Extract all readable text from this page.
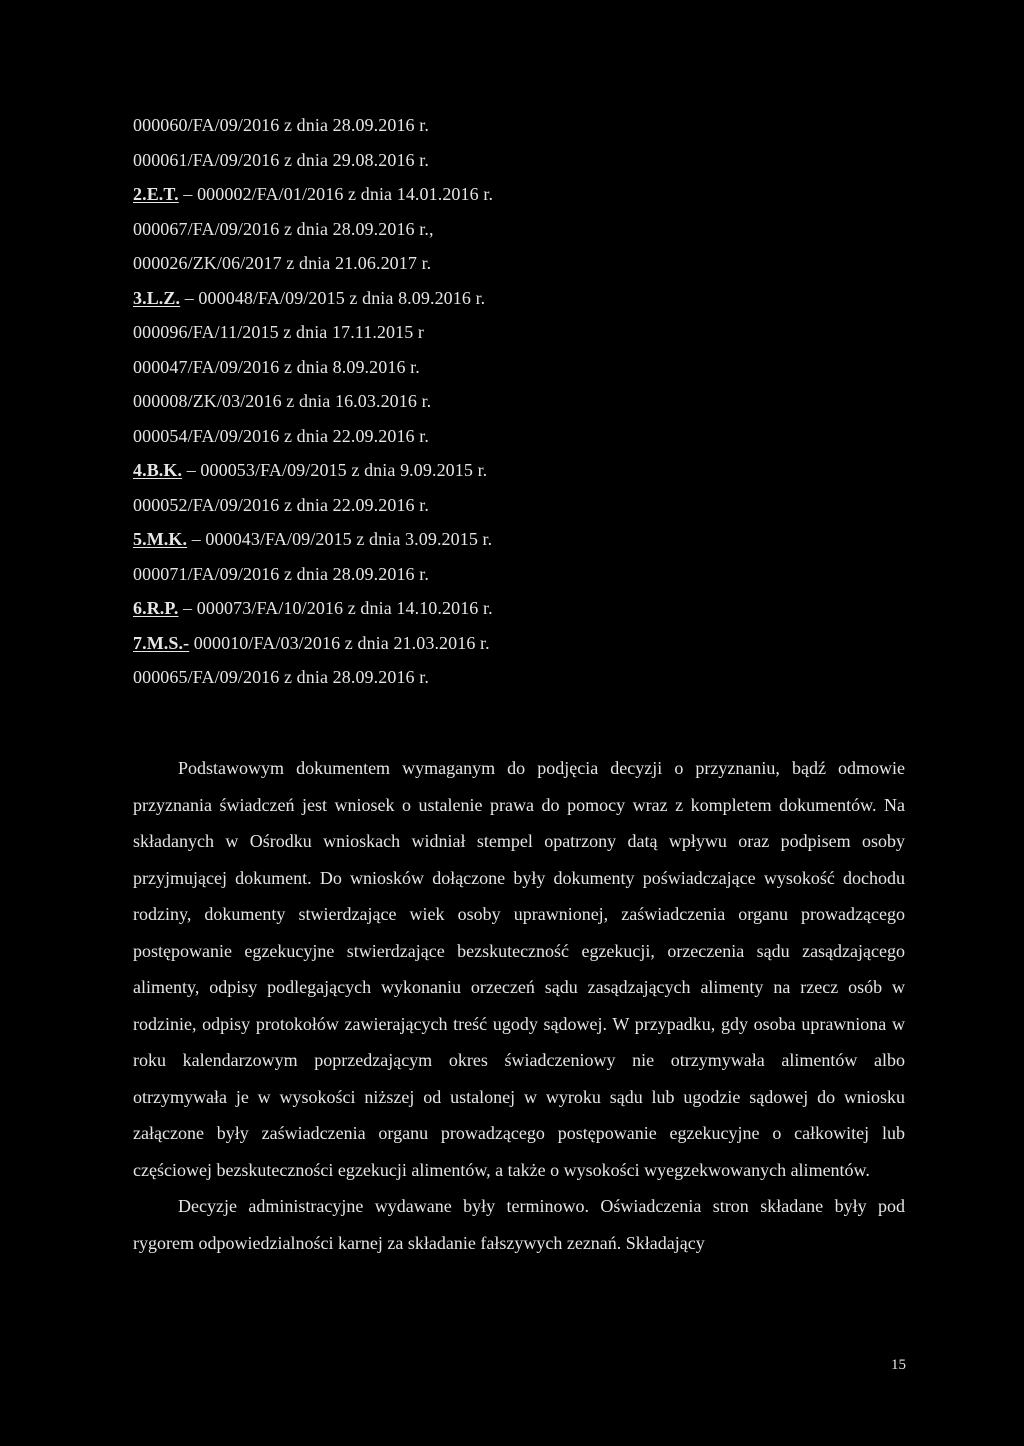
000060/FA/09/2016 z dnia 28.09.2016 r.
000061/FA/09/2016 z dnia 29.08.2016 r.
2.E.T. – 000002/FA/01/2016 z dnia 14.01.2016 r.
000067/FA/09/2016 z dnia 28.09.2016 r.,
000026/ZK/06/2017 z dnia 21.06.2017 r.
3.L.Z. – 000048/FA/09/2015 z dnia 8.09.2016 r.
000096/FA/11/2015 z dnia 17.11.2015 r
000047/FA/09/2016 z dnia 8.09.2016 r.
000008/ZK/03/2016 z dnia 16.03.2016 r.
000054/FA/09/2016 z dnia 22.09.2016 r.
4.B.K. – 000053/FA/09/2015 z dnia 9.09.2015 r.
000052/FA/09/2016 z dnia 22.09.2016 r.
5.M.K. – 000043/FA/09/2015 z dnia 3.09.2015 r.
000071/FA/09/2016 z dnia 28.09.2016 r.
6.R.P. – 000073/FA/10/2016 z dnia 14.10.2016 r.
7.M.S.- 000010/FA/03/2016 z dnia 21.03.2016 r.
000065/FA/09/2016 z dnia 28.09.2016 r.

Podstawowym dokumentem wymaganym do podjęcia decyzji o przyznaniu, bądź odmowie przyznania świadczeń jest wniosek o ustalenie prawa do pomocy wraz z kompletem dokumentów. Na składanych w Ośrodku wnioskach widniał stempel opatrzony datą wpływu oraz podpisem osoby przyjmującej dokument. Do wniosków dołączone były dokumenty poświadczające wysokość dochodu rodziny, dokumenty stwierdzające wiek osoby uprawnionej, zaświadczenia organu prowadzącego postępowanie egzekucyjne stwierdzające bezskuteczność egzekucji, orzeczenia sądu zasądzającego alimenty, odpisy podlegających wykonaniu orzeczeń sądu zasądzających alimenty na rzecz osób w rodzinie, odpisy protokołów zawierających treść ugody sądowej. W przypadku, gdy osoba uprawniona w roku kalendarzowym poprzedzającym okres świadczeniowy nie otrzymywała alimentów albo otrzymywała je w wysokości niższej od ustalonej w wyroku sądu lub ugodzie sądowej do wniosku załączone były zaświadczenia organu prowadzącego postępowanie egzekucyjne o całkowitej lub częściowej bezskuteczności egzekucji alimentów, a także o wysokości wyegzekwowanych alimentów.

Decyzje administracyjne wydawane były terminowo. Oświadczenia stron składane były pod rygorem odpowiedzialności karnej za składanie fałszywych zeznań. Składający

15
